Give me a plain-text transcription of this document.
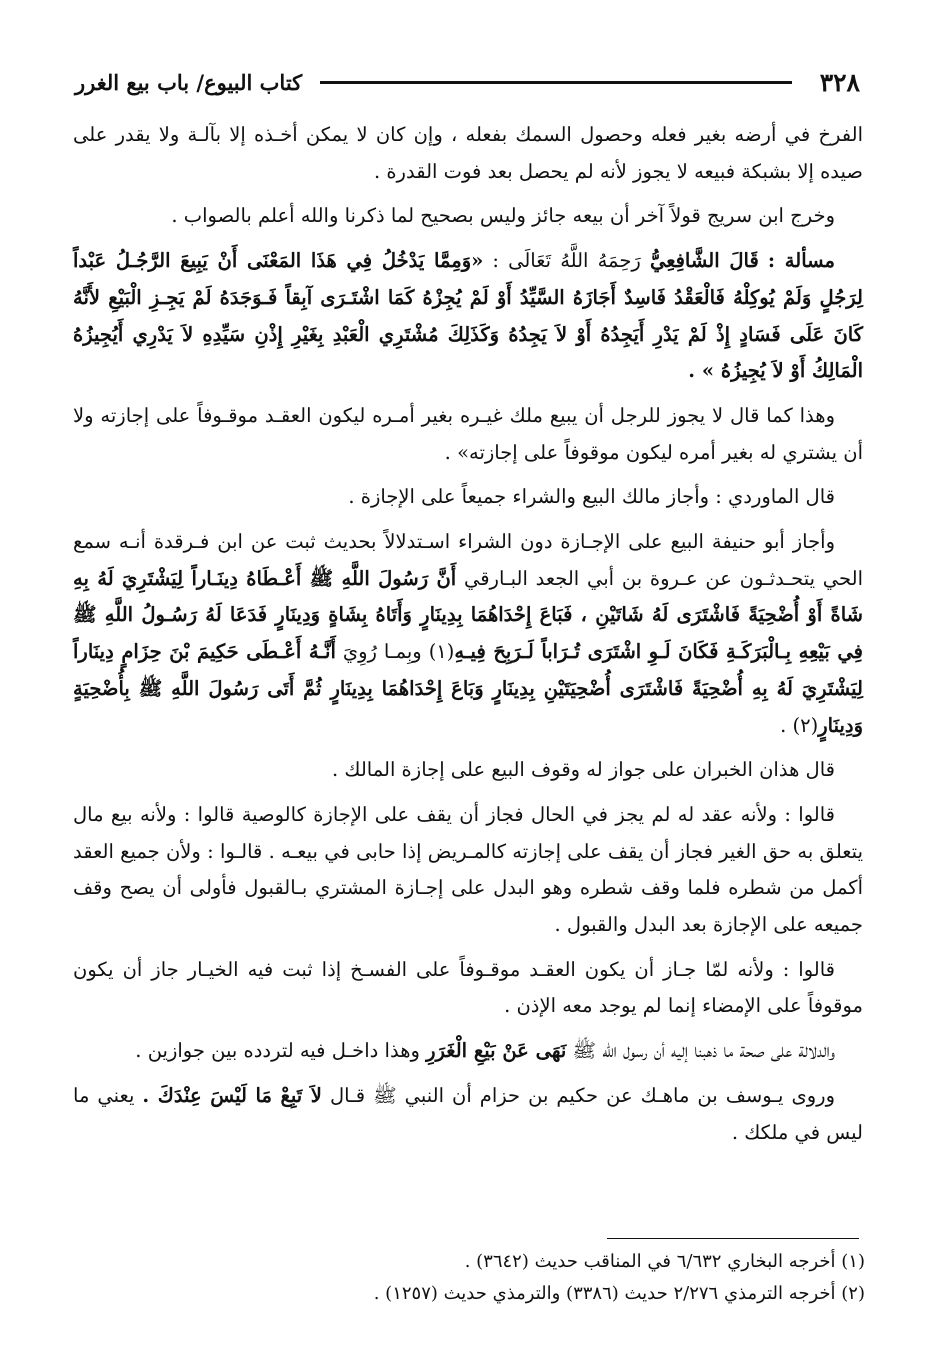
٣٢٨
كتاب البيوع/ باب بيع الغرر

الفرخ في أرضه بغير فعله وحصول السمك بفعله ، وإن كان لا يمكن أخـذه إلا بآلـة ولا يقدر على صيده إلا بشبكة فبيعه لا يجوز لأنه لم يحصل بعد فوت القدرة .

وخرج ابن سريج قولاً آخر أن بيعه جائز وليس بصحيح لما ذكرنا والله أعلم بالصواب .

مسألة : قَالَ الشَّافِعِيُّ رَحِمَهُ اللَّهُ تَعَالَى : «وَمِمَّا يَدْخُلُ فِي هَذَا المَعْنَى أَنْ يَبِيعَ الرَّجُـلُ عَبْداً لِرَجُلٍ وَلَمْ يُوكِلْهُ فَالْعَقْدُ فَاسِدٌ أَجَازَهُ السَّيِّدُ أَوْ لَمْ يُجِزْهُ كَمَا اشْتَـرَى آبِقاً فَـوَجَدَهُ لَمْ يَجِـزِ الْبَيْعِ لأَنَّهُ كَانَ عَلَى فَسَادٍ إِذْ لَمْ يَدْرِ أَيَجِدُهُ أَوْ لاَ يَجِدُهُ وَكَذَلِكَ مُشْتَرِي الْعَبْدِ بِغَيْرِ إِذْنِ سَيِّدِهِ لاَ يَدْرِي أَيُجِيزُهُ الْمَالِكُ أَوْ لاَ يُجِيزُهُ » .

وهذا كما قال لا يجوز للرجل أن يبيع ملك غيـره بغير أمـره ليكون العقـد موقـوفاً على إجازته ولا أن يشتري له بغير أمره ليكون موقوفاً على إجازته» .

قال الماوردي : وأجاز مالك البيع والشراء جميعاً على الإجازة .

وأجاز أبو حنيفة البيع على الإجـازة دون الشراء اسـتدلالاً بحديث ثبت عن ابن فـرقدة أنـه سمع الحي يتحـدثـون عن عـروة بن أبي الجعد البـارقي أَنَّ رَسُولَ اللَّهِ ﷺ أَعْـطَاهُ دِينَـاراً لِيَشْتَرِيَ لَهُ بِهِ شَاةً أَوْ أُضْحِيَةً فَاشْتَرَى لَهُ شَاتَيْنِ ، فَبَاعَ إِحْدَاهُمَا بِدِينَارٍ وَأَتَاهُ بِشَاةٍ وَدِينَارٍ فَدَعَا لَهُ رَسُـولُ اللَّهِ ﷺ فِي بَيْعِهِ بِـالْبَرَكَـةِ فَكَانَ لَـوِ اشْتَرَى تُـرَاباً لَـرَبِحَ فِيـهِ(١) وبِمـا رُوِيَ أَنَّـهُ أَعْـطَى حَكِيمَ بْنَ حِزَامٍ دِينَاراً لِيَشْتَرِيَ لَهُ بِهِ أُضْحِيَةً فَاشْتَرَى أُضْحِيَتَيْنِ بِدِينَارٍ وَبَاعَ إِحْدَاهُمَا بِدِينَارٍ ثُمَّ أَتَى رَسُولَ اللَّهِ ﷺ بِأُضْحِيَةٍ وَدِينَارٍ(٢) .

قال هذان الخبران على جواز له وقوف البيع على إجازة المالك .

قالوا : ولأنه عقد له لم يجز في الحال فجاز أن يقف على الإجازة كالوصية قالوا : ولأنه بيع مال يتعلق به حق الغير فجاز أن يقف على إجازته كالمـريض إذا حابى في بيعـه . قالـوا : ولأن جميع العقد أكمل من شطره فلما وقف شطره وهو البدل على إجـازة المشتري بـالقبول فأولى أن يصح وقف جميعه على الإجازة بعد البدل والقبول .

قالوا : ولأنه لمّا جـاز أن يكون العقـد موقـوفاً على الفسـخ إذا ثبت فيه الخيـار جاز أن يكون موقوفاً على الإمضاء إنما لم يوجد معه الإذن .

والدلالة على صحة ما ذهبنا إليه أن رسول الله ﷺ نَهَى عَنْ بَيْعِ الْغَرَرِ وهذا داخـل فيه لتردده بين جوازين .

وروى يـوسف بن ماهـك عن حكيم بن حزام أن النبي ﷺ قـال لاَ تَبِعْ مَا لَيْسَ عِنْدَكَ . يعني ما ليس في ملكك .

(١) أخرجه البخاري ٦/٦٣٢ في المناقب حديث (٣٦٤٢) .
(٢) أخرجه الترمذي ٢/٢٧٦ حديث (٣٣٨٦) والترمذي حديث (١٢٥٧) .
